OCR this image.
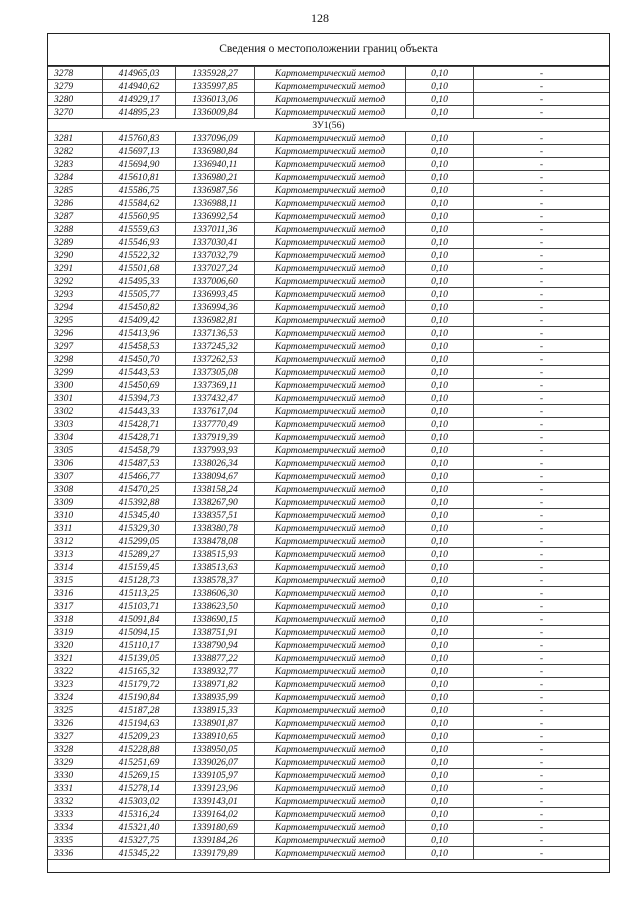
128
Сведения о местоположении границ объекта
3278	414965,03	1335928,27	Картометрический метод	0,10	-
3279	414940,62	1335997,85	Картометрический метод	0,10	-
3280	414929,17	1336013,06	Картометрический метод	0,10	-
3270	414895,23	1336009,84	Картометрический метод	0,10	-
ЗУ1(56)					
3281	415760,83	1337096,09	Картометрический метод	0,10	-
3282	415697,13	1336980,84	Картометрический метод	0,10	-
3283	415694,90	1336940,11	Картометрический метод	0,10	-
3284	415610,81	1336980,21	Картометрический метод	0,10	-
3285	415586,75	1336987,56	Картометрический метод	0,10	-
3286	415584,62	1336988,11	Картометрический метод	0,10	-
3287	415560,95	1336992,54	Картометрический метод	0,10	-
3288	415559,63	1337011,36	Картометрический метод	0,10	-
3289	415546,93	1337030,41	Картометрический метод	0,10	-
3290	415522,32	1337032,79	Картометрический метод	0,10	-
3291	415501,68	1337027,24	Картометрический метод	0,10	-
3292	415495,33	1337006,60	Картометрический метод	0,10	-
3293	415505,77	1336993,45	Картометрический метод	0,10	-
3294	415450,82	1336994,36	Картометрический метод	0,10	-
3295	415409,42	1336982,81	Картометрический метод	0,10	-
3296	415413,96	1337136,53	Картометрический метод	0,10	-
3297	415458,53	1337245,32	Картометрический метод	0,10	-
3298	415450,70	1337262,53	Картометрический метод	0,10	-
3299	415443,53	1337305,08	Картометрический метод	0,10	-
3300	415450,69	1337369,11	Картометрический метод	0,10	-
3301	415394,73	1337432,47	Картометрический метод	0,10	-
3302	415443,33	1337617,04	Картометрический метод	0,10	-
3303	415428,71	1337770,49	Картометрический метод	0,10	-
3304	415428,71	1337919,39	Картометрический метод	0,10	-
3305	415458,79	1337993,93	Картометрический метод	0,10	-
3306	415487,53	1338026,34	Картометрический метод	0,10	-
3307	415466,77	1338094,67	Картометрический метод	0,10	-
3308	415470,25	1338158,24	Картометрический метод	0,10	-
3309	415392,88	1338267,90	Картометрический метод	0,10	-
3310	415345,40	1338357,51	Картометрический метод	0,10	-
3311	415329,30	1338380,78	Картометрический метод	0,10	-
3312	415299,05	1338478,08	Картометрический метод	0,10	-
3313	415289,27	1338515,93	Картометрический метод	0,10	-
3314	415159,45	1338513,63	Картометрический метод	0,10	-
3315	415128,73	1338578,37	Картометрический метод	0,10	-
3316	415113,25	1338606,30	Картометрический метод	0,10	-
3317	415103,71	1338623,50	Картометрический метод	0,10	-
3318	415091,84	1338690,15	Картометрический метод	0,10	-
3319	415094,15	1338751,91	Картометрический метод	0,10	-
3320	415110,17	1338790,94	Картометрический метод	0,10	-
3321	415139,05	1338877,22	Картометрический метод	0,10	-
3322	415165,32	1338932,77	Картометрический метод	0,10	-
3323	415179,72	1338971,82	Картометрический метод	0,10	-
3324	415190,84	1338935,99	Картометрический метод	0,10	-
3325	415187,28	1338915,33	Картометрический метод	0,10	-
3326	415194,63	1338901,87	Картометрический метод	0,10	-
3327	415209,23	1338910,65	Картометрический метод	0,10	-
3328	415228,88	1338950,05	Картометрический метод	0,10	-
3329	415251,69	1339026,07	Картометрический метод	0,10	-
3330	415269,15	1339105,97	Картометрический метод	0,10	-
3331	415278,14	1339123,96	Картометрический метод	0,10	-
3332	415303,02	1339143,01	Картометрический метод	0,10	-
3333	415316,24	1339164,02	Картометрический метод	0,10	-
3334	415321,40	1339180,69	Картометрический метод	0,10	-
3335	415327,75	1339184,26	Картометрический метод	0,10	-
3336	415345,22	1339179,89	Картометрический метод	0,10	-
